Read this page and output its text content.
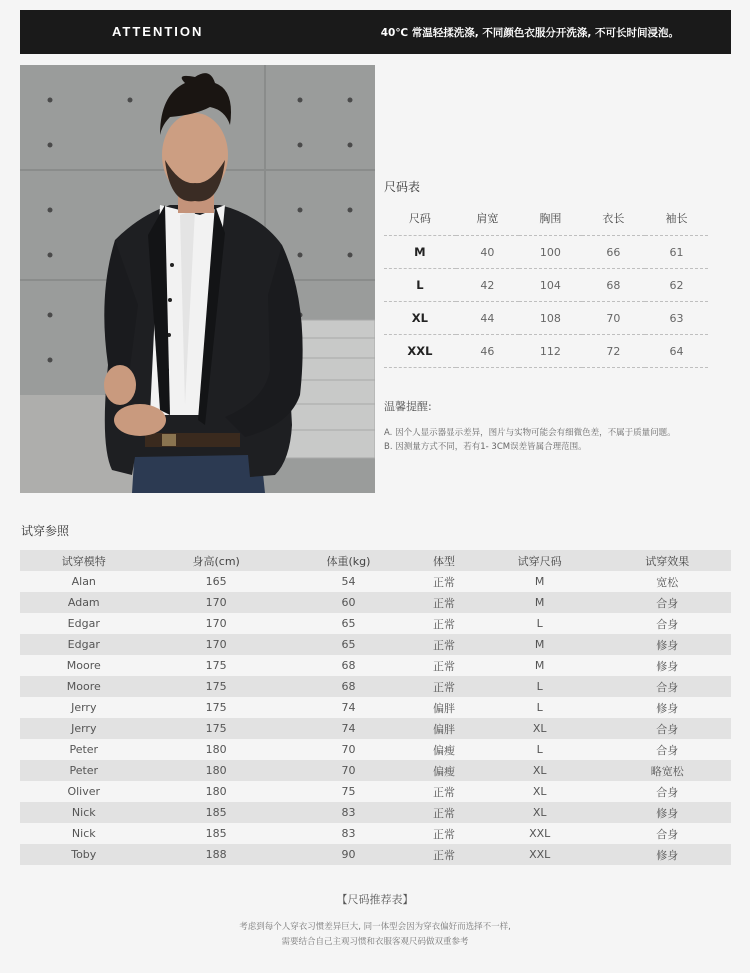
ATTENTION	40℃ 常温轻揉洗涤, 不同颜色衣服分开洗涤, 不可长时间浸泡。
尺码表
尺码	肩宽	胸围	衣长	袖长
M	40	100	66	61
L	42	104	68	62
XL	44	108	70	63
XXL	46	112	72	64
温馨提醒:
A. 因个人显示器显示差异，图片与实物可能会有细微色差，不属于质量问题。
B. 因测量方式不同，若有1- 3CM误差皆属合理范围。
试穿参照
试穿模特	身高(cm)	体重(kg)	体型	试穿尺码	试穿效果
Alan	165	54	正常	M	宽松
Adam	170	60	正常	M	合身
Edgar	170	65	正常	L	合身
Edgar	170	65	正常	M	修身
Moore	175	68	正常	M	修身
Moore	175	68	正常	L	合身
Jerry	175	74	偏胖	L	修身
Jerry	175	74	偏胖	XL	合身
Peter	180	70	偏瘦	L	合身
Peter	180	70	偏瘦	XL	略宽松
Oliver	180	75	正常	XL	合身
Nick	185	83	正常	XL	修身
Nick	185	83	正常	XXL	合身
Toby	188	90	正常	XXL	修身
【尺码推荐表】
考虑到每个人穿衣习惯差异巨大, 同一体型会因为穿衣偏好而选择不一样,
需要结合自己主观习惯和衣服客观尺码做双重参考
